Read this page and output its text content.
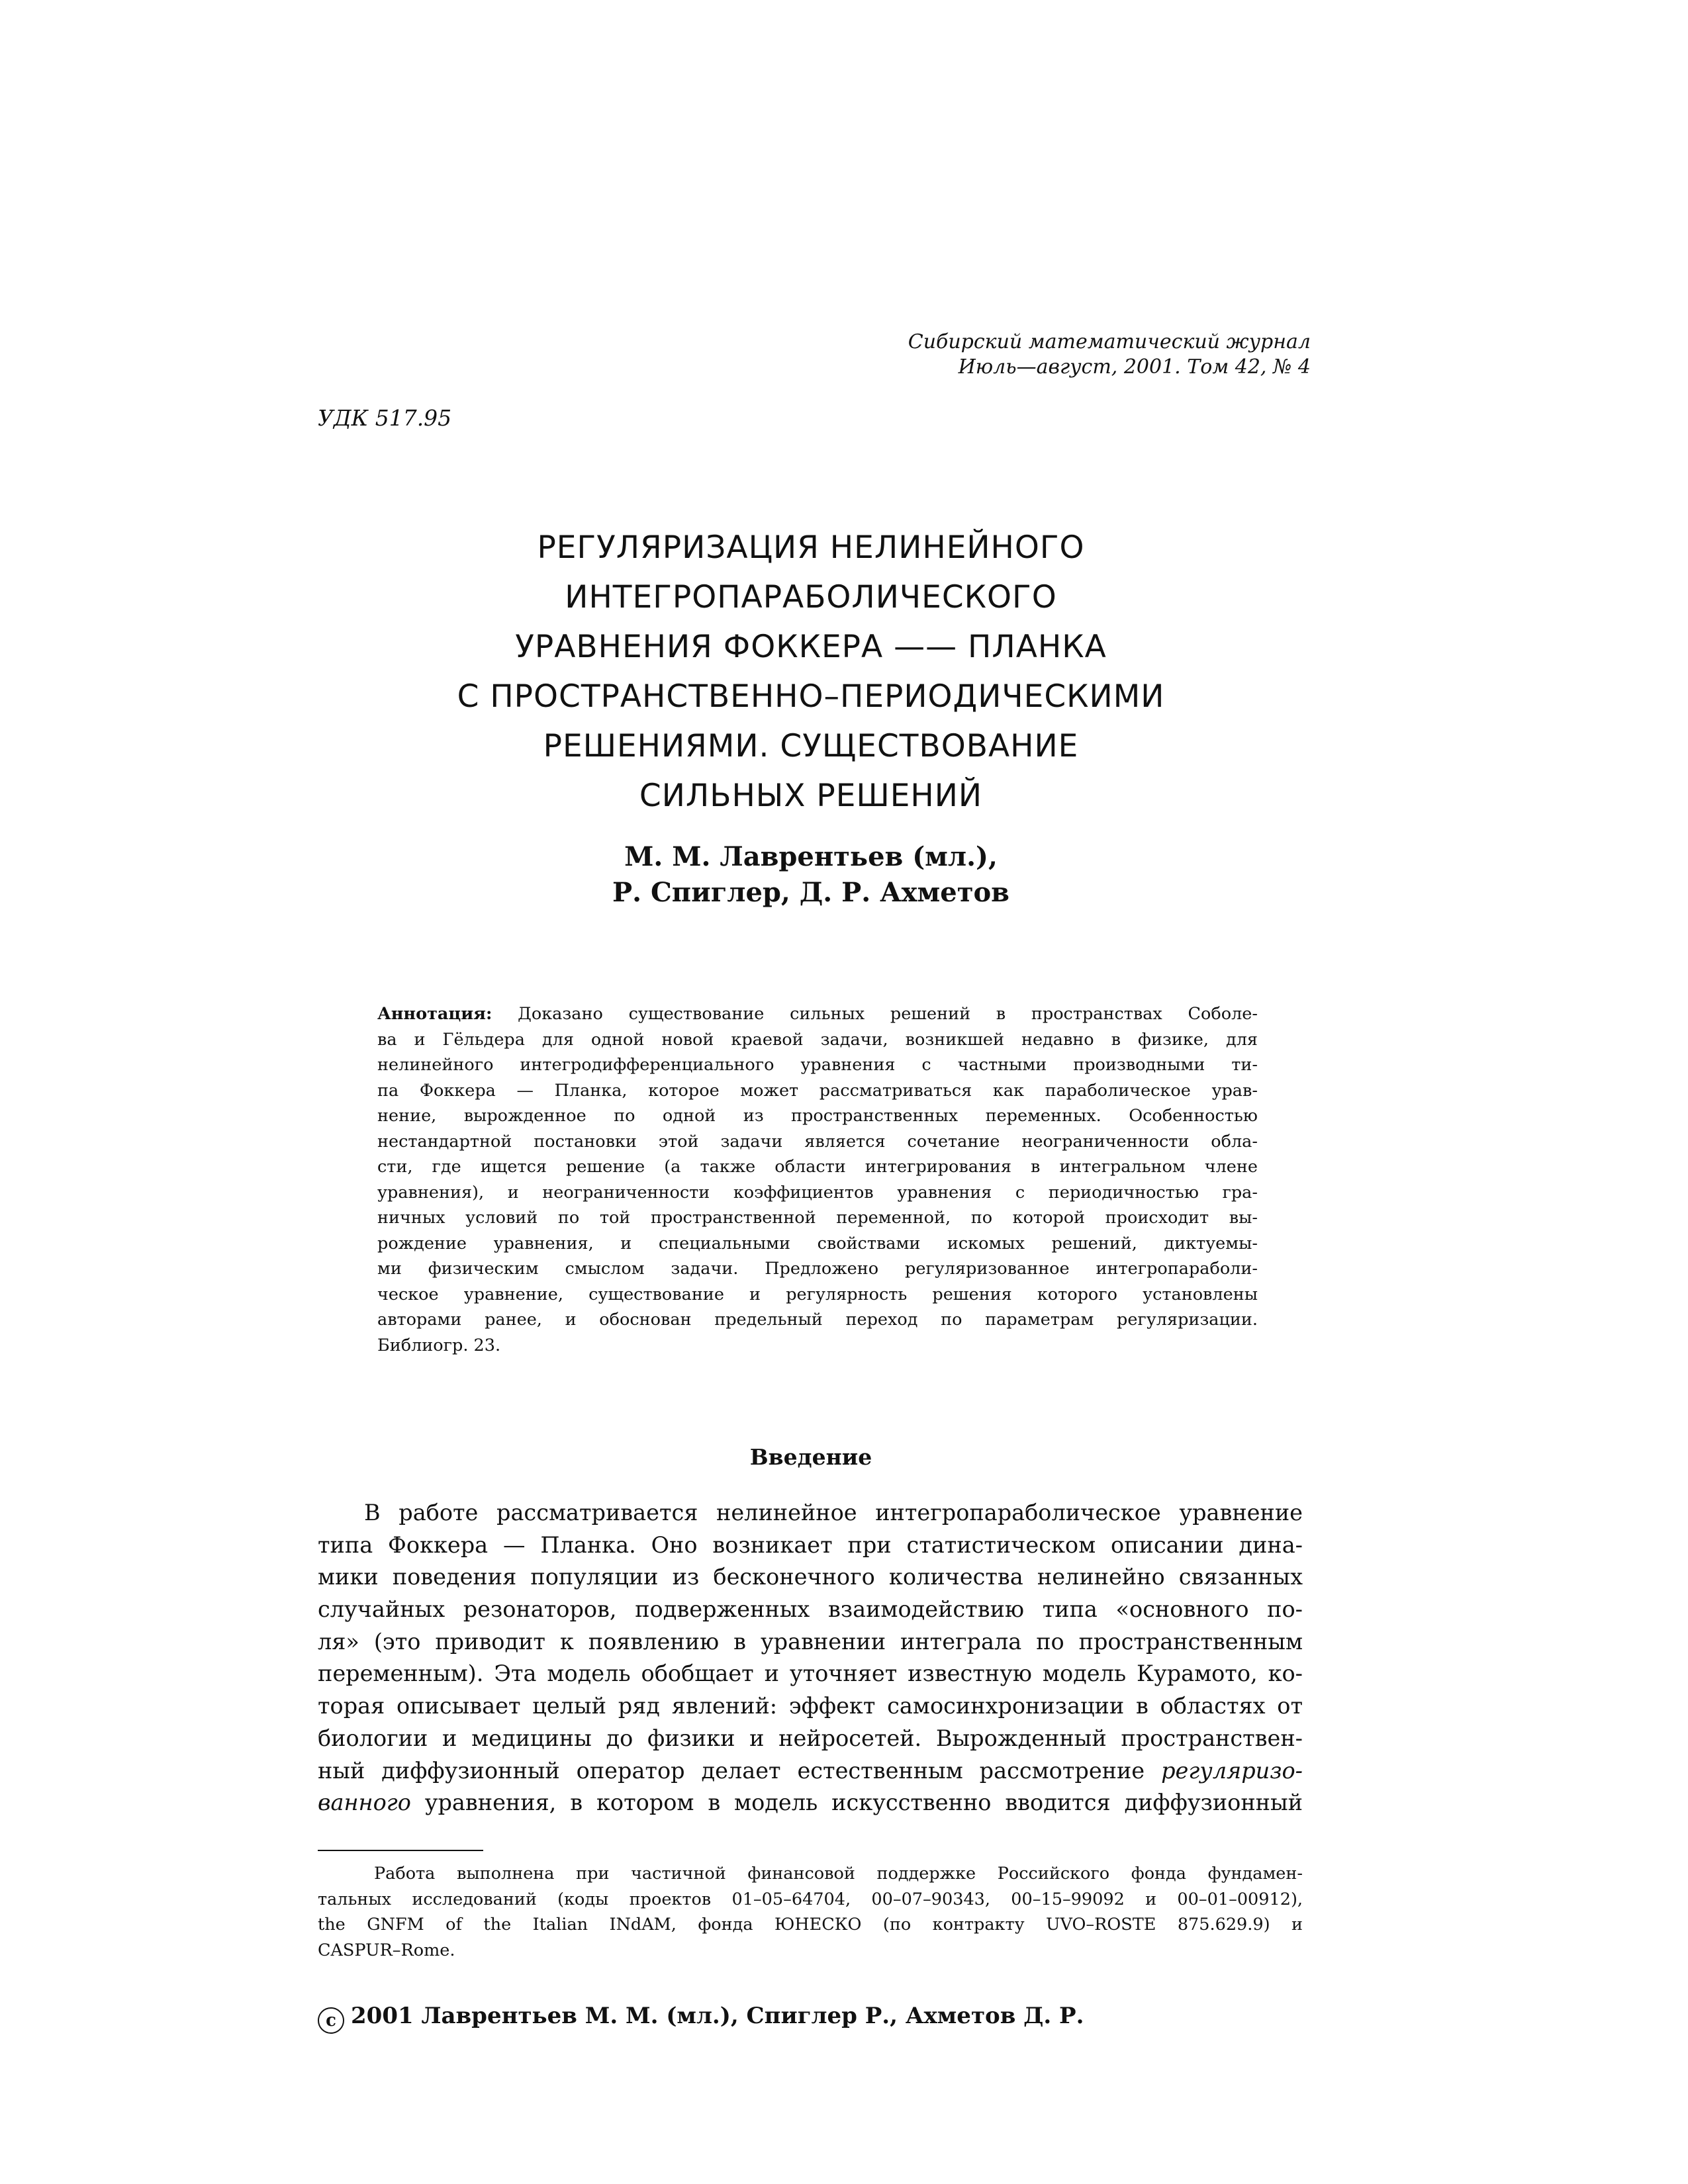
Сибирский математический журнал
Июль—август, 2001. Том 42, № 4
УДК 517.95
РЕГУЛЯРИЗАЦИЯ НЕЛИНЕЙНОГО
ИНТЕГРОПАРАБОЛИЧЕСКОГО
УРАВНЕНИЯ ФОККЕРА —— ПЛАНКА
С ПРОСТРАНСТВЕННО–ПЕРИОДИЧЕСКИМИ
РЕШЕНИЯМИ. СУЩЕСТВОВАНИЕ
СИЛЬНЫХ РЕШЕНИЙ
М. М. Лаврентьев (мл.),
Р. Спиглер, Д. Р. Ахметов
Аннотация: Доказано существование сильных решений в пространствах Соболе-
ва и Гёльдера для одной новой краевой задачи, возникшей недавно в физике, для
нелинейного интегродифференциального уравнения с частными производными ти-
па Фоккера — Планка, которое может рассматриваться как параболическое урав-
нение, вырожденное по одной из пространственных переменных. Особенностью
нестандартной постановки этой задачи является сочетание неограниченности обла-
сти, где ищется решение (а также области интегрирования в интегральном члене
уравнения), и неограниченности коэффициентов уравнения с периодичностью гра-
ничных условий по той пространственной переменной, по которой происходит вы-
рождение уравнения, и специальными свойствами искомых решений, диктуемы-
ми физическим смыслом задачи. Предложено регуляризованное интегропараболи-
ческое уравнение, существование и регулярность решения которого установлены
авторами ранее, и обоснован предельный переход по параметрам регуляризации.
Библиогр. 23.
Введение
В работе рассматривается нелинейное интегропараболическое уравнение
типа Фоккера — Планка. Оно возникает при статистическом описании дина-
мики поведения популяции из бесконечного количества нелинейно связанных
случайных резонаторов, подверженных взаимодействию типа «основного по-
ля» (это приводит к появлению в уравнении интеграла по пространственным
переменным). Эта модель обобщает и уточняет известную модель Курамото, ко-
торая описывает целый ряд явлений: эффект самосинхронизации в областях от
биологии и медицины до физики и нейросетей. Вырожденный пространствен-
ный диффузионный оператор делает естественным рассмотрение регуляризо-
ванного уравнения, в котором в модель искусственно вводится диффузионный
Работа выполнена при частичной финансовой поддержке Российского фонда фундамен-
тальных исследований (коды проектов 01–05–64704, 00–07–90343, 00–15–99092 и 00–01–00912),
the GNFM of the Italian INdAM, фонда ЮНЕСКО (по контракту UVO–ROSTE 875.629.9) и
CASPUR–Rome.
c 2001 Лаврентьев М. М. (мл.), Спиглер Р., Ахметов Д. Р.
